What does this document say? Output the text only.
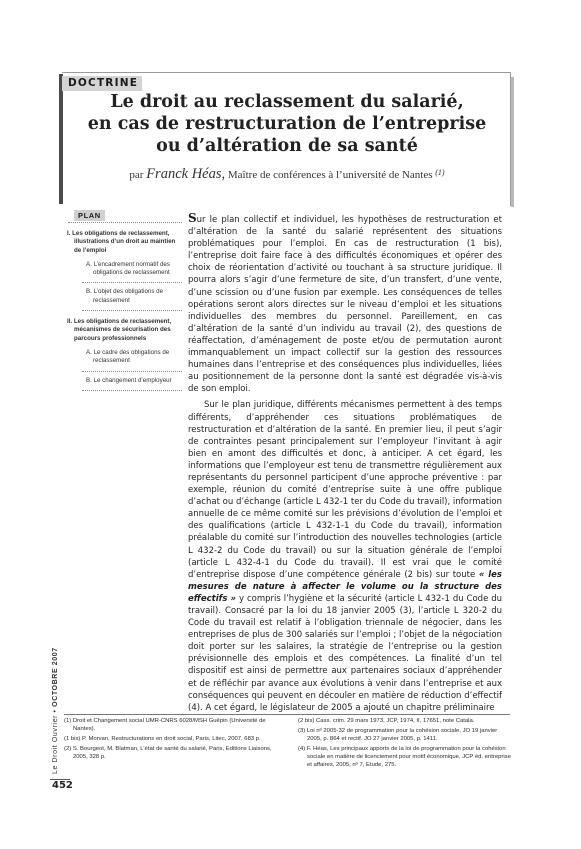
DOCTRINE
Le droit au reclassement du salarié,
en cas de restructuration de l’entreprise
ou d’altération de sa santé
par Franck Héas, Maître de conférences à l’université de Nantes $^{(1)}$
PLAN
I. Les obligations de reclassement, illustrations d’un droit au maintien de l’emploi
A. L’encadrement normatif des obligations de reclassement
B. L’objet des obligations de reclassement
II. Les obligations de reclassement, mécanismes de sécurisation des parcours professionnels
A. Le cadre des obligations de reclassement
B. Le changement d’employeur

Sur le plan collectif et individuel, les hypothèses de restructuration et d’altération de la santé du salarié représentent des situations problématiques pour l’emploi. En cas de restructuration (1 bis), l’entreprise doit faire face à des difficultés économiques et opérer des choix de réorientation d’activité ou touchant à sa structure juridique. Il pourra alors s’agir d’une fermeture de site, d’un transfert, d’une vente, d’une scission ou d’une fusion par exemple. Les conséquences de telles opérations seront alors directes sur le niveau d’emploi et les situations individuelles des membres du personnel. Pareillement, en cas d’altération de la santé d’un individu au travail (2), des questions de réaffectation, d’aménagement de poste et/ou de permutation auront immanquablement un impact collectif sur la gestion des ressources humaines dans l’entreprise et des conséquences plus individuelles, liées au positionnement de la personne dont la santé est dégradée vis-à-vis de son emploi.

Sur le plan juridique, différents mécanismes permettent à des temps différents, d’appréhender ces situations problématiques de restructuration et d’altération de la santé. En premier lieu, il peut s’agir de contraintes pesant principalement sur l’employeur l’invitant à agir bien en amont des difficultés et donc, à anticiper. A cet égard, les informations que l’employeur est tenu de transmettre régulièrement aux représentants du personnel participent d’une approche préventive : par exemple, réunion du comité d’entreprise suite à une offre publique d’achat ou d’échange (article L 432-1 ter du Code du travail), information annuelle de ce même comité sur les prévisions d’évolution de l’emploi et des qualifications (article L 432-1-1 du Code du travail), information préalable du comité sur l’introduction des nouvelles technologies (article L 432-2 du Code du travail) ou sur la situation générale de l’emploi (article L 432-4-1 du Code du travail). Il est vrai que le comité d’entreprise dispose d’une compétence générale (2 bis) sur toute « les mesures de nature à affecter le volume ou la structure des effectifs » y compris l’hygiène et la sécurité (article L 432-1 du Code du travail). Consacré par la loi du 18 janvier 2005 (3), l’article L 320-2 du Code du travail est relatif à l’obligation triennale de négocier, dans les entreprises de plus de 300 salariés sur l’emploi ; l’objet de la négociation doit porter sur les salaires, la stratégie de l’entreprise ou la gestion prévisionnelle des emplois et des compétences. La finalité d’un tel dispositif est ainsi de permettre aux partenaires sociaux d’appréhender et de réfléchir par avance aux évolutions à venir dans l’entreprise et aux conséquences qui peuvent en découler en matière de réduction d’effectif (4). A cet égard, le législateur de 2005 a ajouté un chapitre préliminaire

(1) Droit et Changement social UMR-CNRS 6028/MSH Guépin (Université de Nantes).
(1 bis) P. Morvan, Restructurations en droit social, Paris, Litec, 2007, 683 p.
(2) S. Bourgeot, M. Blatman, L’état de santé du salarié, Paris, Editions Liaisons, 2005, 328 p.
(2 bis) Cass. crim. 29 mars 1973, JCP, 1974, II, 17651, note Catala.
(3) Loi nº 2005-32 de programmation pour la cohésion sociale, JO 19 janvier 2005, p. 864 et rectif. JO 27 janvier 2005, p. 1411.
(4) F. Héas, Les principaux apports de la loi de programmation pour la cohésion sociale en matière de licenciement pour motif économique, JCP éd. entreprise et affaires, 2005, nº 7, Etude, 275.
Le Droit Ouvrier • OCTOBRE 2007
452
